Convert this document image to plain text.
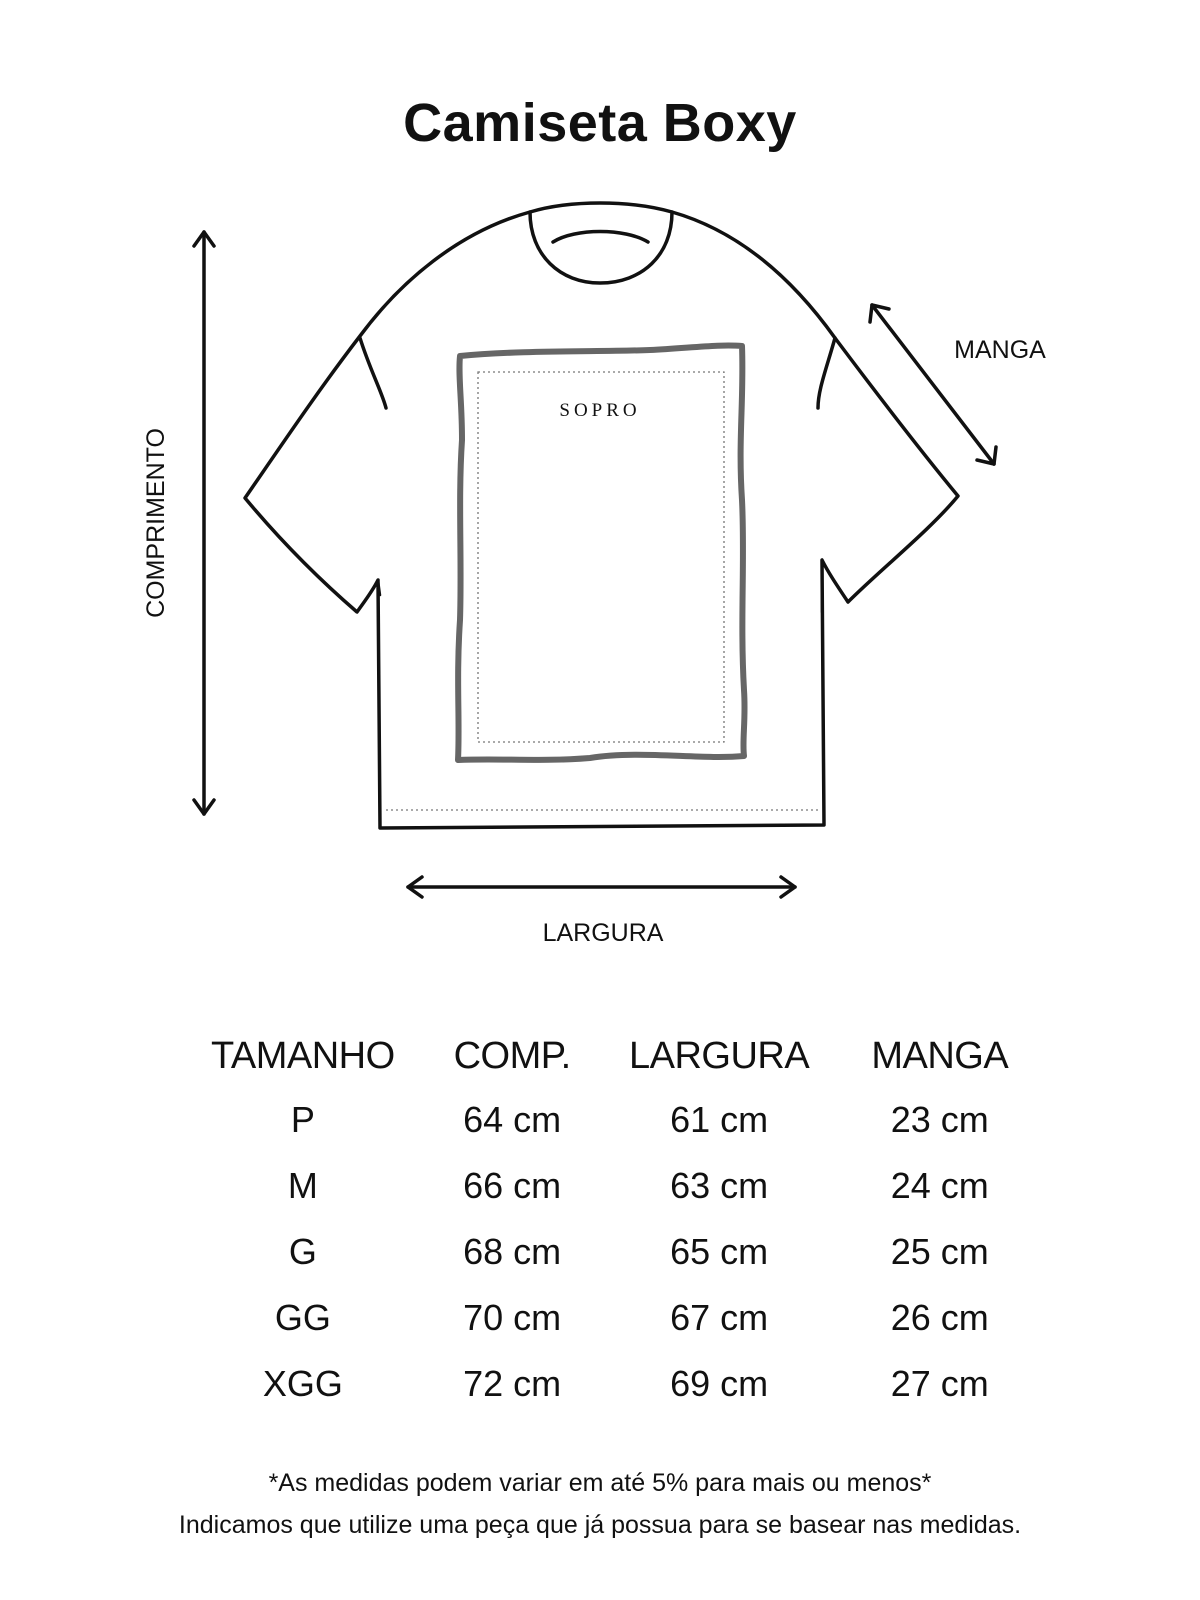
Camiseta Boxy
SOPRO
COMPRIMENTO
MANGA
LARGURA
TAMANHO	COMP.	LARGURA	MANGA
P	64 cm	61 cm	23 cm
M	66 cm	63 cm	24 cm
G	68 cm	65 cm	25 cm
GG	70 cm	67 cm	26 cm
XGG	72 cm	69 cm	27 cm

*As medidas podem variar em até 5% para mais ou menos*

Indicamos que utilize uma peça que já possua para se basear nas medidas.
